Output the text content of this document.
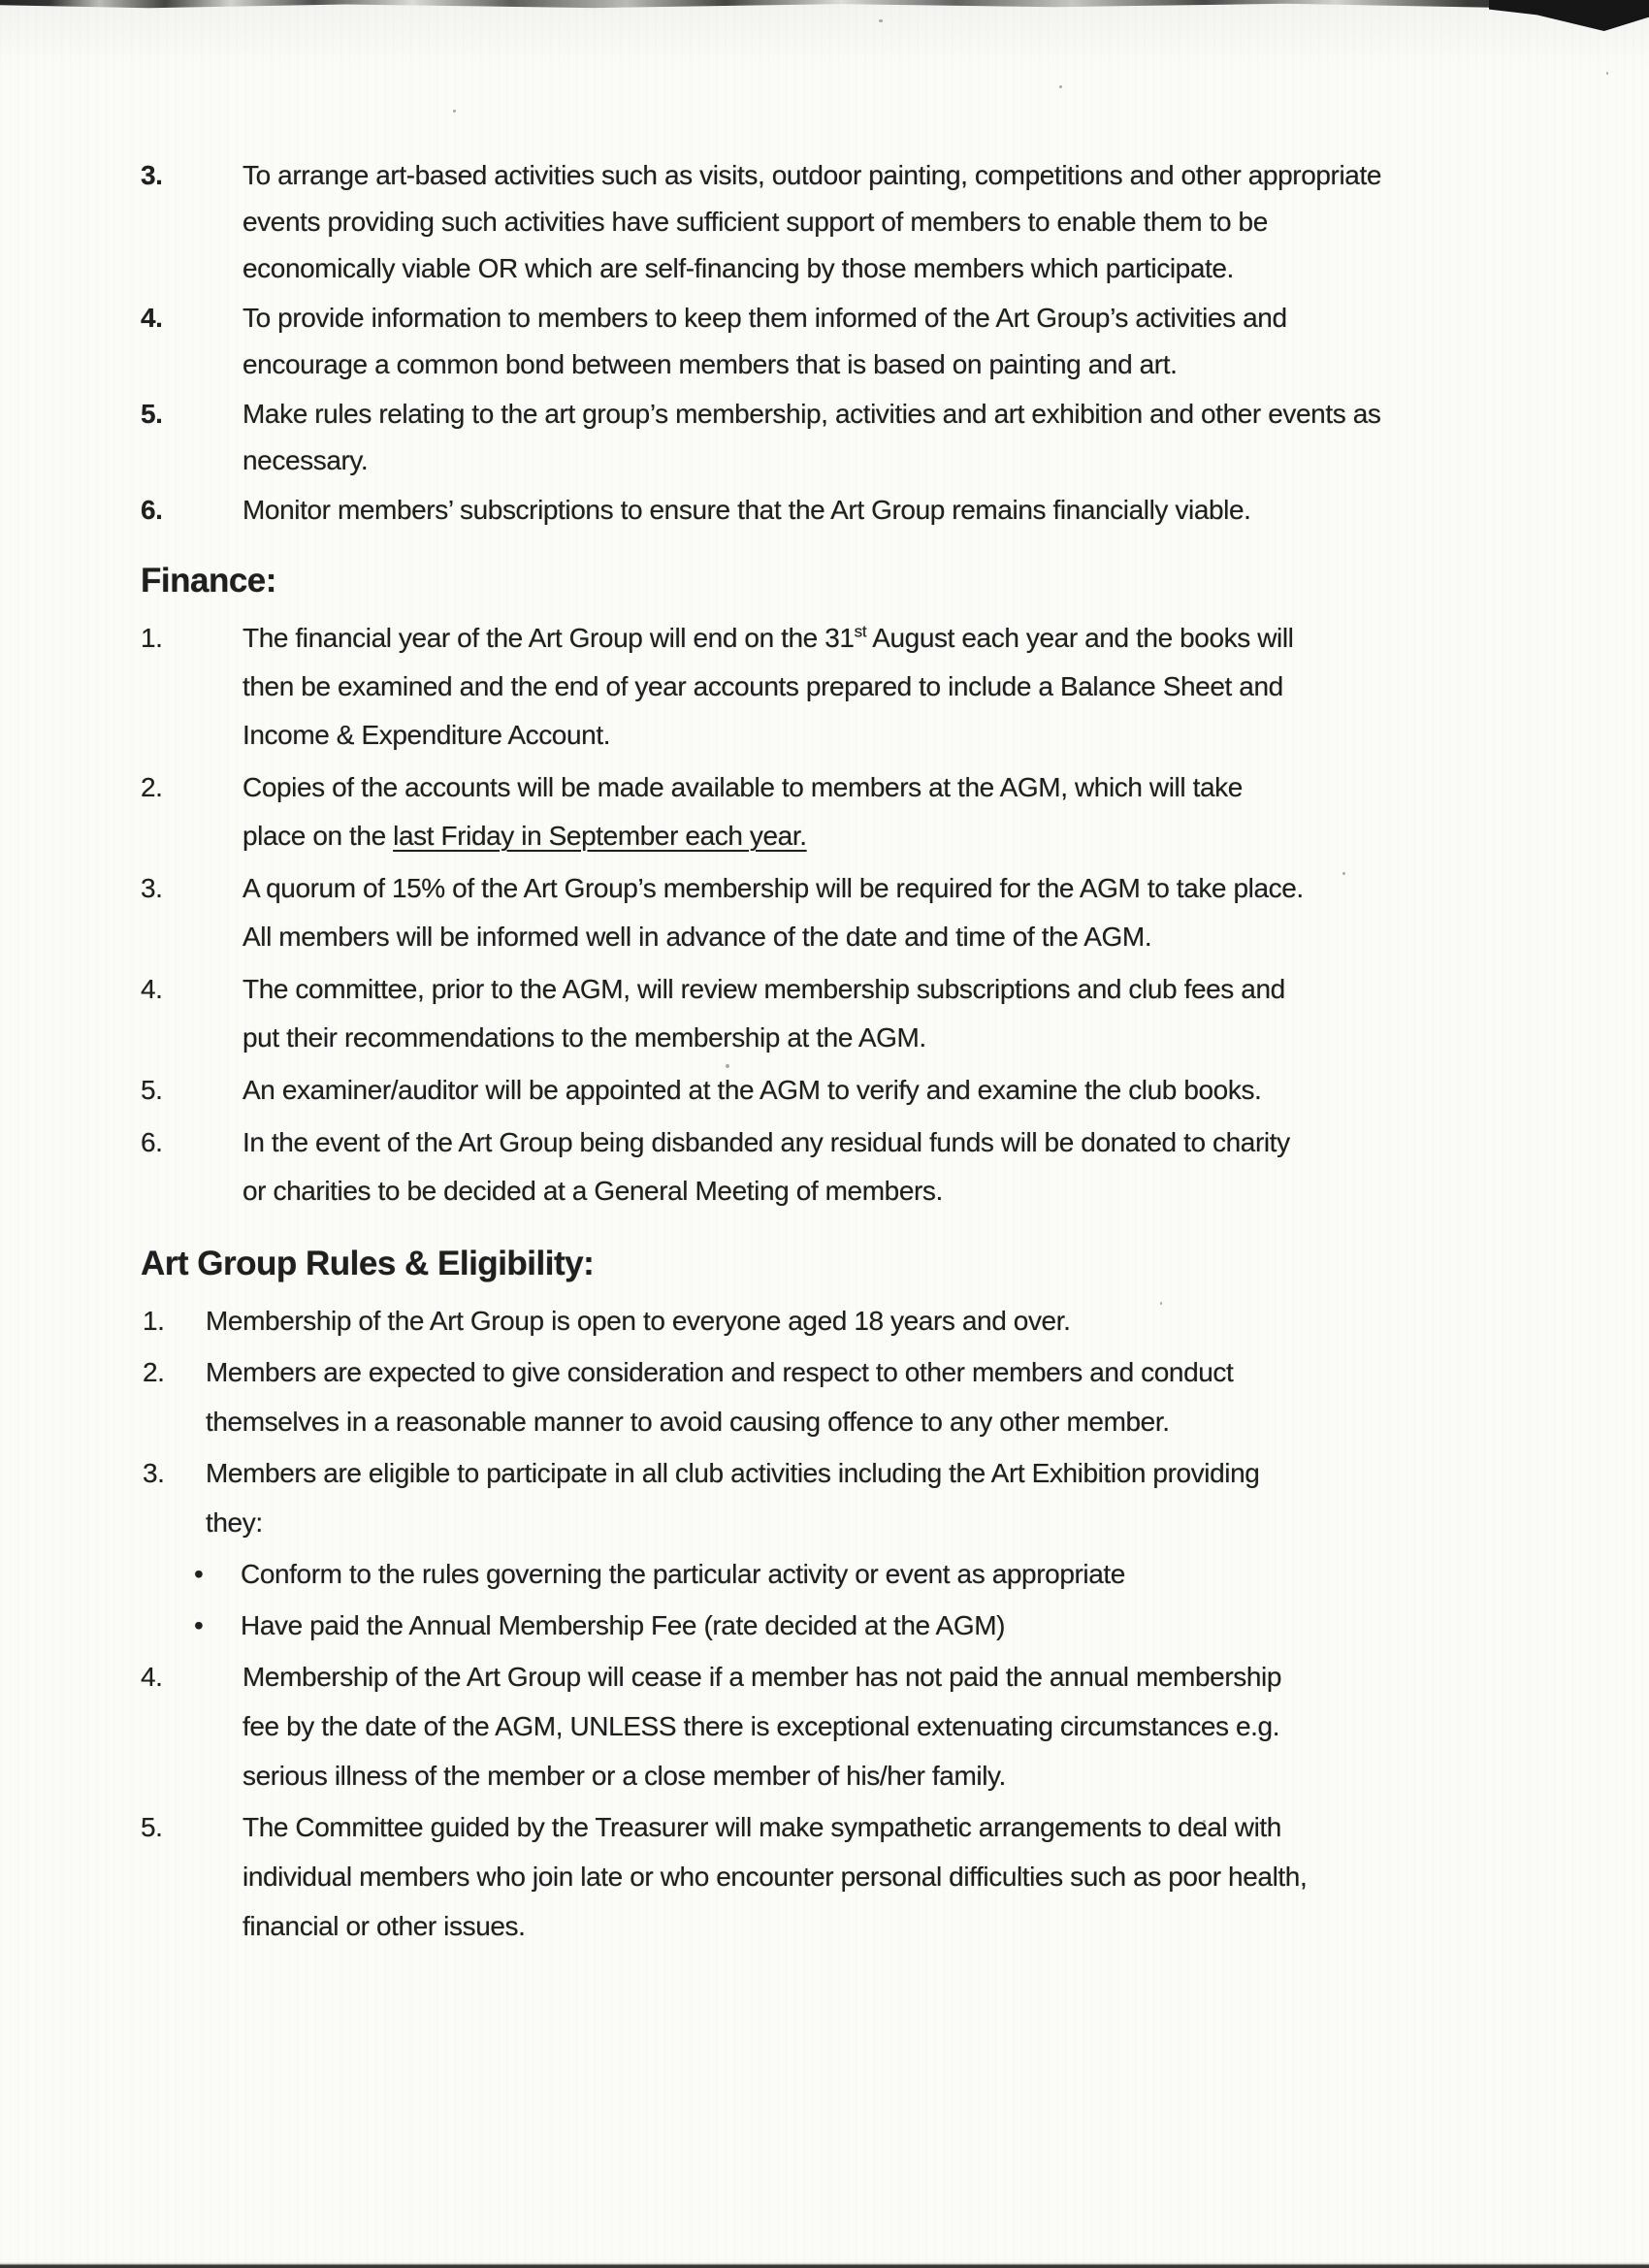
3.	To arrange art-based activities such as visits, outdoor painting, competitions and other appropriate
events providing such activities have sufficient support of members to enable them to be
economically viable OR which are self-financing by those members which participate.
4.	To provide information to members to keep them informed of the Art Group’s activities and
encourage a common bond between members that is based on painting and art.
5.	Make rules relating to the art group’s membership, activities and art exhibition and other events as
necessary.
6.	Monitor members’ subscriptions to ensure that the Art Group remains financially viable.
Finance:
1.	The financial year of the Art Group will end on the 31st August each year and the books will
then be examined and the end of year accounts prepared to include a Balance Sheet and
Income & Expenditure Account.
2.	Copies of the accounts will be made available to members at the AGM, which will take
place on the last Friday in September each year.
3.	A quorum of 15% of the Art Group’s membership will be required for the AGM to take place.
All members will be informed well in advance of the date and time of the AGM.
4.	The committee, prior to the AGM, will review membership subscriptions and club fees and
put their recommendations to the membership at the AGM.
5.	An examiner/auditor will be appointed at the AGM to verify and examine the club books.
6.	In the event of the Art Group being disbanded any residual funds will be donated to charity
or charities to be decided at a General Meeting of members.
Art Group Rules & Eligibility:
1. Membership of the Art Group is open to everyone aged 18 years and over.
2. Members are expected to give consideration and respect to other members and conduct
themselves in a reasonable manner to avoid causing offence to any other member.
3. Members are eligible to participate in all club activities including the Art Exhibition providing
they:
• Conform to the rules governing the particular activity or event as appropriate
• Have paid the Annual Membership Fee (rate decided at the AGM)
4.	Membership of the Art Group will cease if a member has not paid the annual membership
fee by the date of the AGM, UNLESS there is exceptional extenuating circumstances e.g.
serious illness of the member or a close member of his/her family.
5.	The Committee guided by the Treasurer will make sympathetic arrangements to deal with
individual members who join late or who encounter personal difficulties such as poor health,
financial or other issues.
